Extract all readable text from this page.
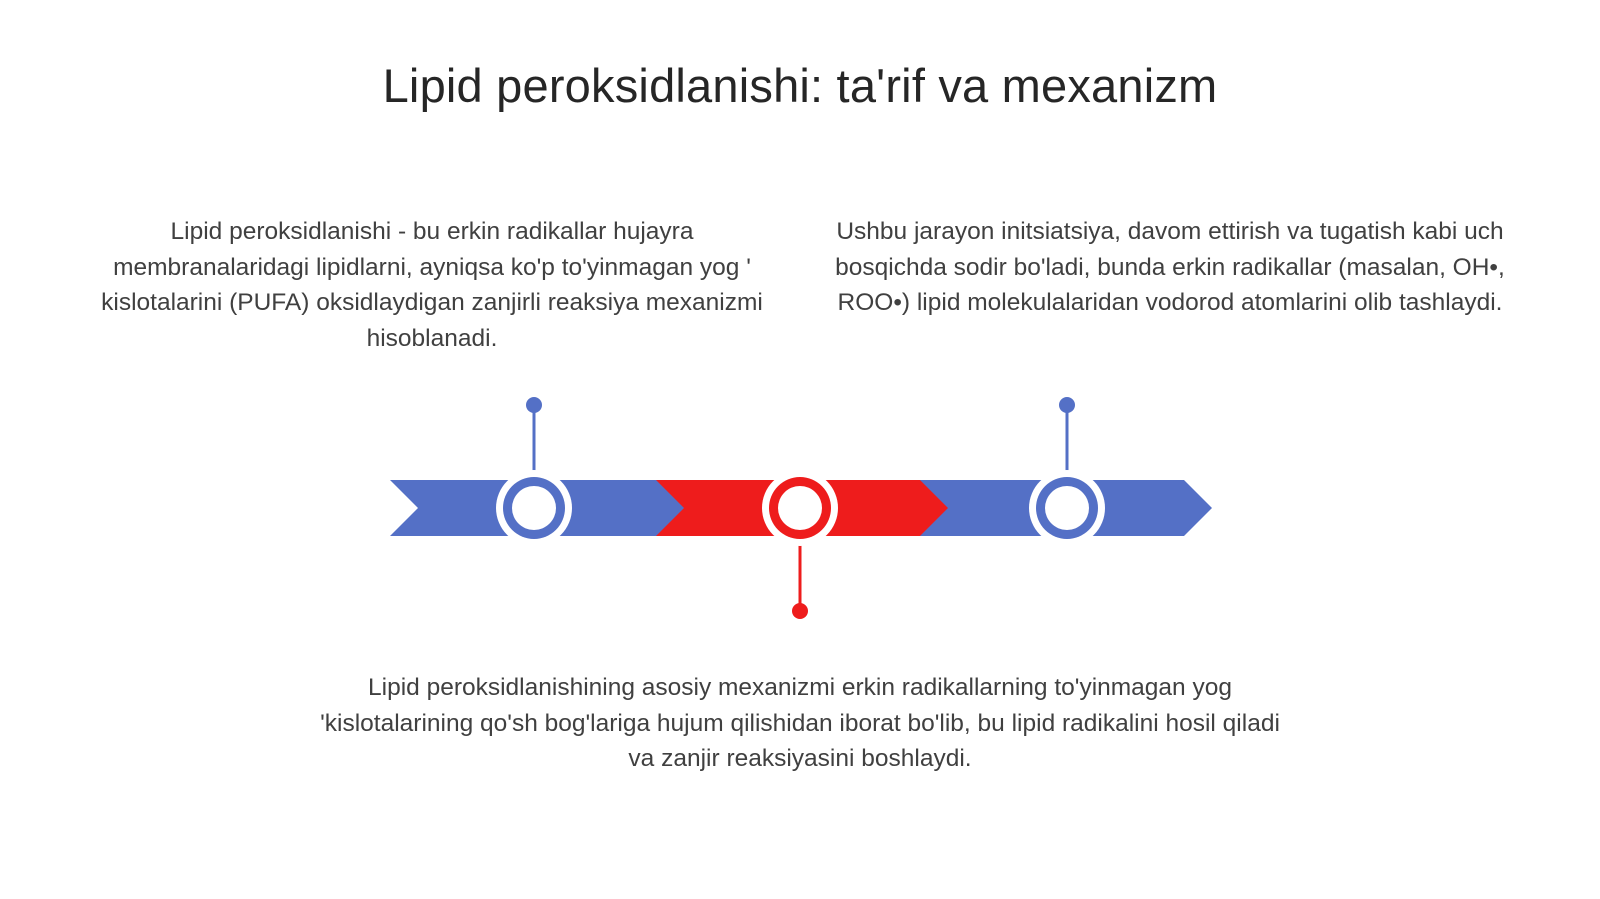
Lipid peroksidlanishi: ta'rif va mexanizm

Lipid peroksidlanishi - bu erkin radikallar hujayra membranalaridagi lipidlarni, ayniqsa ko'p to'yinmagan yog ' kislotalarini (PUFA) oksidlaydigan zanjirli reaksiya mexanizmi hisoblanadi.

Ushbu jarayon initsiatsiya, davom ettirish va tugatish kabi uch bosqichda sodir bo'ladi, bunda erkin radikallar (masalan, OH•, ROO•) lipid molekulalaridan vodorod atomlarini olib tashlaydi.

Lipid peroksidlanishining asosiy mexanizmi erkin radikallarning to'yinmagan yog 'kislotalarining qo'sh bog'lariga hujum qilishidan iborat bo'lib, bu lipid radikalini hosil qiladi va zanjir reaksiyasini boshlaydi.
